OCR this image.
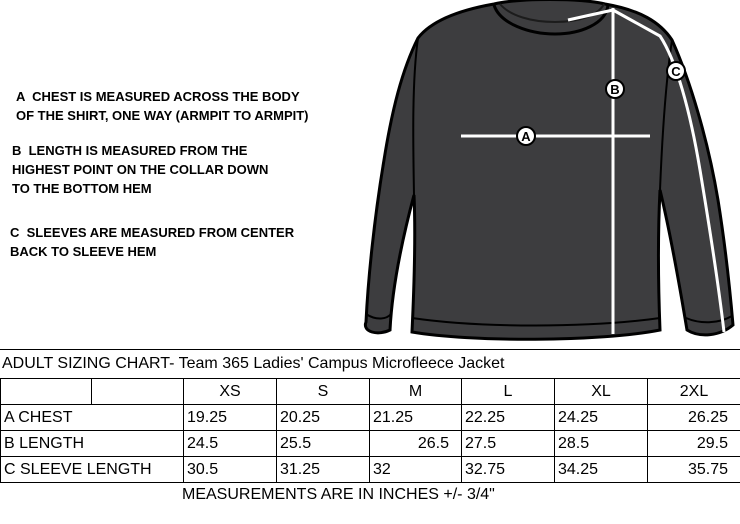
A  CHEST IS MEASURED ACROSS THE BODY
OF THE SHIRT, ONE WAY (ARMPIT TO ARMPIT)

B  LENGTH IS MEASURED FROM THE
HIGHEST POINT ON THE COLLAR DOWN
TO THE BOTTOM HEM

C  SLEEVES ARE MEASURED FROM CENTER
BACK TO SLEEVE HEM

A
B
C
ADULT SIZING CHART- Team 365 Ladies' Campus Microfleece Jacket
		XS	S	M	L	XL	2XL
A CHEST		19.25	20.25	21.25	22.25	24.25	26.25
B LENGTH		24.5	25.5	26.5	27.5	28.5	29.5
C SLEEVE LENGTH		30.5	31.25	32	32.75	34.25	35.75
MEASUREMENTS ARE IN INCHES +/- 3/4"
